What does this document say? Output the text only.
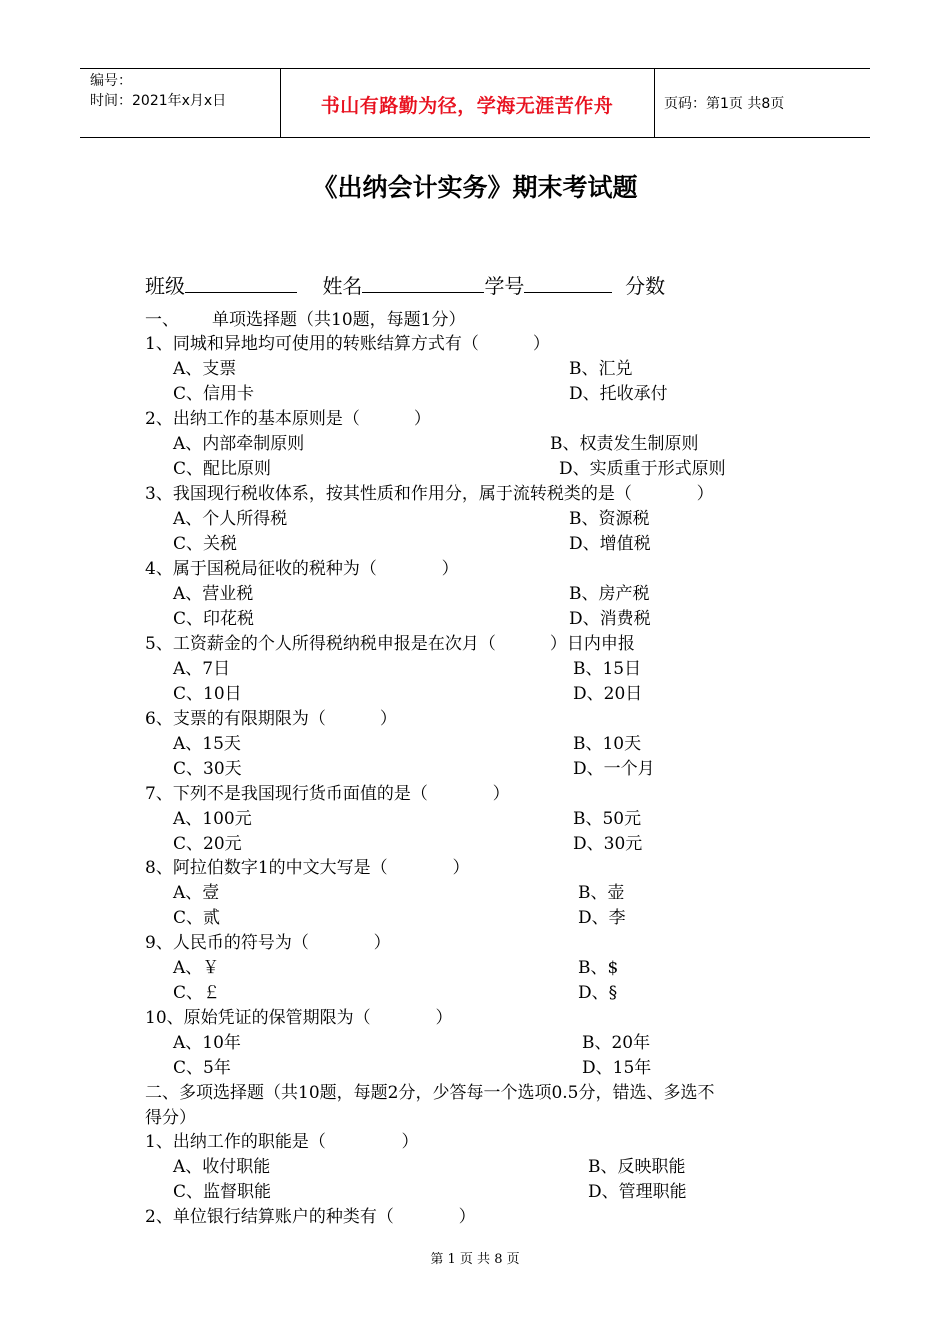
编号：
时间：2021年x月x日	书山有路勤为径，学海无涯苦作舟	页码：第1页 共8页
《出纳会计实务》期末考试题
班级	姓名	学号	分数
一、 单项选择题（共10题，每题1分）
1、同城和异地均可使用的转账结算方式有（          ）
A、支票	B、汇兑
C、信用卡	D、托收承付
2、出纳工作的基本原则是（          ）
A、内部牵制原则	B、权责发生制原则
C、配比原则	D、实质重于形式原则
3、我国现行税收体系，按其性质和作用分，属于流转税类的是（            ）
A、个人所得税	B、资源税
C、关税	D、增值税
4、属于国税局征收的税种为（            ）
A、营业税	B、房产税
C、印花税	D、消费税
5、工资薪金的个人所得税纳税申报是在次月（          ）日内申报
A、7日	B、15日
C、10日	D、20日
6、支票的有限期限为（          ）
A、15天	B、10天
C、30天	D、一个月
7、下列不是我国现行货币面值的是（            ）
A、100元	B、50元
C、20元	D、30元
8、阿拉伯数字1的中文大写是（            ）
A、壹	B、壶
C、贰	D、李
9、人民币的符号为（            ）
A、￥	B、$
C、￡	D、§
10、原始凭证的保管期限为（            ）
A、10年	B、20年
C、5年	D、15年
二、多项选择题（共10题，每题2分，少答每一个选项0.5分，错选、多选不
得分）
1、出纳工作的职能是（              ）
A、收付职能	B、反映职能
C、监督职能	D、管理职能
2、单位银行结算账户的种类有（            ）
第 1 页 共 8 页
